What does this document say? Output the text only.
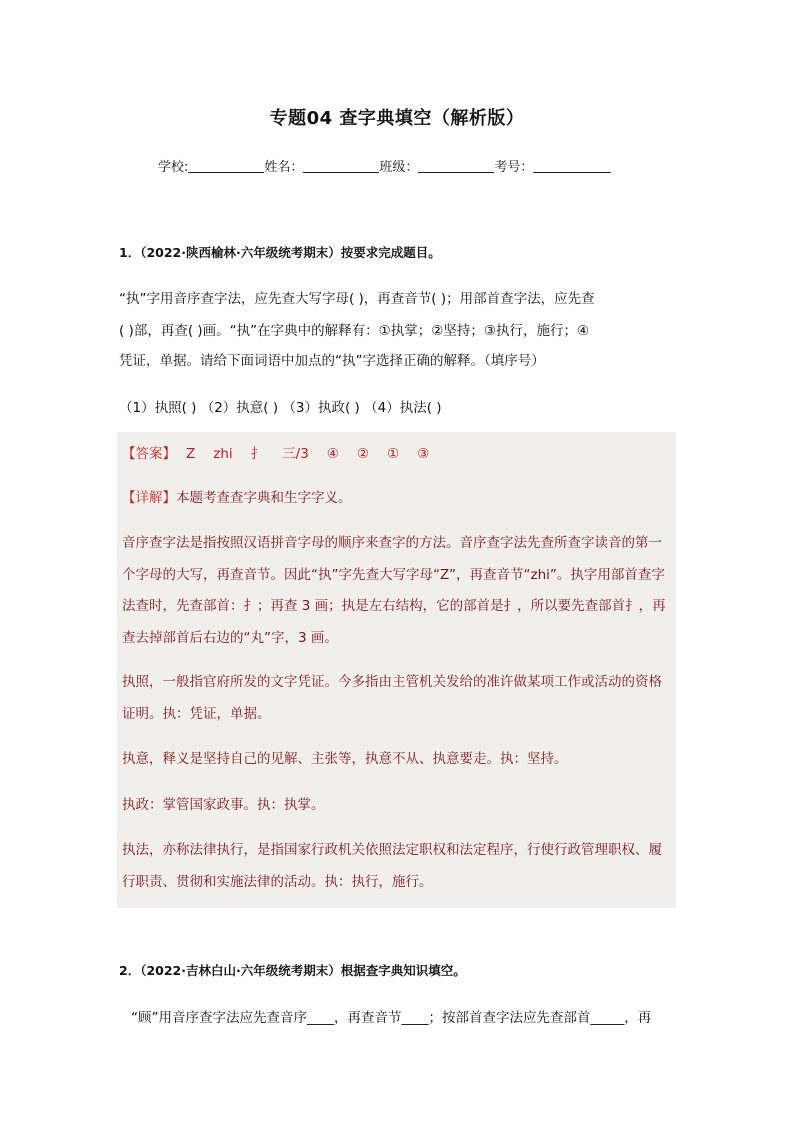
专题04 查字典填空（解析版）
学校:	姓名：	班级：	考号：
1．（2022·陕西榆林·六年级统考期末）按要求完成题目。
“执”字用音序查字法，应先查大写字母( )，再查音节( )；用部首查字法，应先查
( )部，再查( )画。“执”在字典中的解释有：①执掌；②坚持；③执行，施行；④
凭证，单据。请给下面词语中加点的“执”字选择正确的解释。（填序号）
（1）执照( ) （2）执意( ) （3）执政( ) （4）执法( )
【答案】 Z zhi 扌 三/3 ④ ② ① ③
【详解】本题考查查字典和生字字义。
音序查字法是指按照汉语拼音字母的顺序来查字的方法。音序查字法先查所查字读音的第一
个字母的大写，再查音节。因此“执”字先查大写字母“Z”，再查音节“zhi”。执字用部首查字
法查时，先查部首：扌；再查 3 画；执是左右结构，它的部首是扌，所以要先查部首扌，再
查去掉部首后右边的“丸”字，3 画。
执照，一般指官府所发的文字凭证。今多指由主管机关发给的准许做某项工作或活动的资格
证明。执：凭证，单据。
执意，释义是坚持自己的见解、主张等，执意不从、执意要走。执：坚持。
执政：掌管国家政事。执：执掌。
执法，亦称法律执行，是指国家行政机关依照法定职权和法定程序，行使行政管理职权、履
行职责、贯彻和实施法律的活动。执：执行，施行。
2．（2022·吉林白山·六年级统考期末）根据查字典知识填空。
“顾”用音序查字法应先查音序____，再查音节____；按部首查字法应先查部首_____，再
